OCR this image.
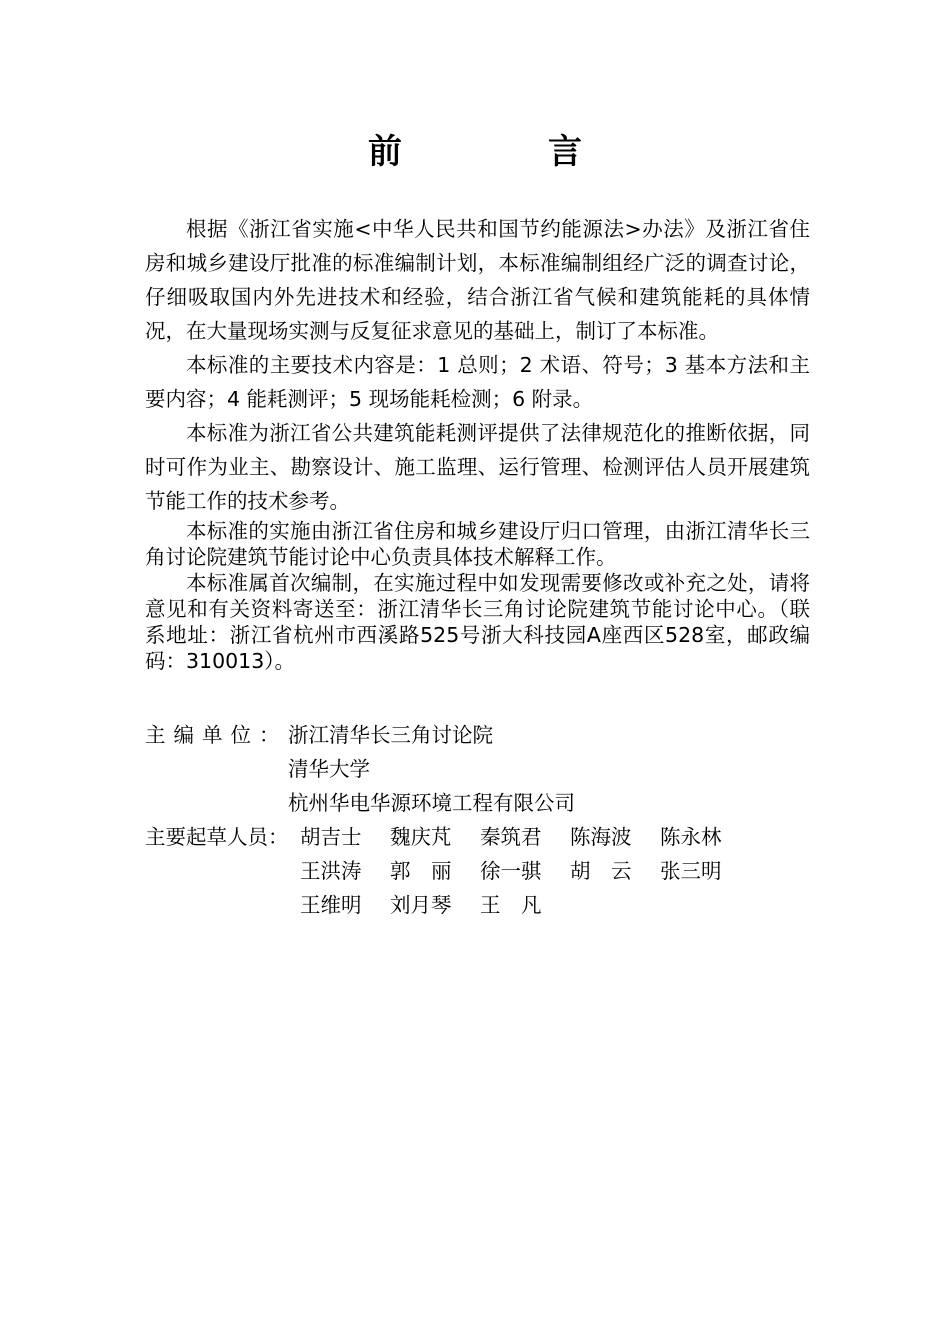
前　言

根据《浙江省实施<中华人民共和国节约能源法>办法》及浙江省住房和城乡建设厅批准的标准编制计划，本标准编制组经广泛的调查讨论，仔细吸取国内外先进技术和经验，结合浙江省气候和建筑能耗的具体情况，在大量现场实测与反复征求意见的基础上，制订了本标准。

本标准的主要技术内容是：1 总则；2 术语、符号；3 基本方法和主要内容；4 能耗测评；5 现场能耗检测；6 附录。

本标准为浙江省公共建筑能耗测评提供了法律规范化的推断依据，同时可作为业主、勘察设计、施工监理、运行管理、检测评估人员开展建筑节能工作的技术参考。

本标准的实施由浙江省住房和城乡建设厅归口管理，由浙江清华长三角讨论院建筑节能讨论中心负责具体技术解释工作。

本标准属首次编制，在实施过程中如发现需要修改或补充之处，请将意见和有关资料寄送至：浙江清华长三角讨论院建筑节能讨论中心。（联系地址：浙江省杭州市西溪路525号浙大科技园A座西区528室，邮政编码：310013）。

主编单位： 浙江清华长三角讨论院
清华大学
杭州华电华源环境工程有限公司
主要起草人员： 胡吉士	魏庆芃	秦筑君	陈海波	陈永林
王洪涛	郭　丽	徐一骐	胡　云	张三明
王维明	刘月琴	王　凡
